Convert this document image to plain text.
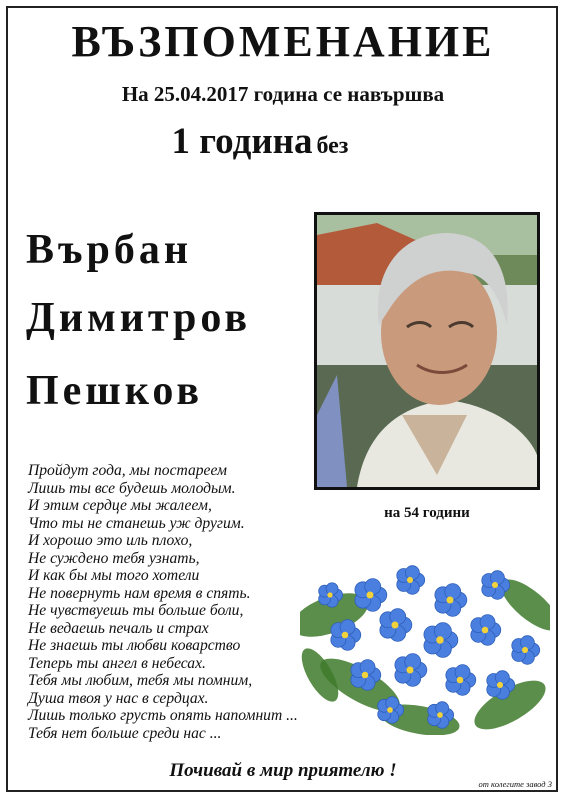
ВЪЗПОМЕНАНИЕ
На 25.04.2017 година се навършва
1 година без
Върбан
Димитров
Пешков
на 54 години
Пройдут года, мы постареем
Лишь ты все будешь молодым.
И этим сердце мы жалеем,
Что ты не станешь уж другим.
И хорошо это иль плохо,
Не суждено тебя узнать,
И как бы мы того хотели
Не повернуть нам время в спять.
Не чувствуешь ты больше боли,
Не ведаешь печаль и страх
Не знаешь ты любви коварство
Теперь ты ангел в небесах.
Тебя мы любим, тебя мы помним,
Душа твоя у нас в сердцах.
Лишь только грусть опять напомнит ...
Тебя нет больше среди нас ...
Почивай в мир приятелю !
от колегите завод 3
